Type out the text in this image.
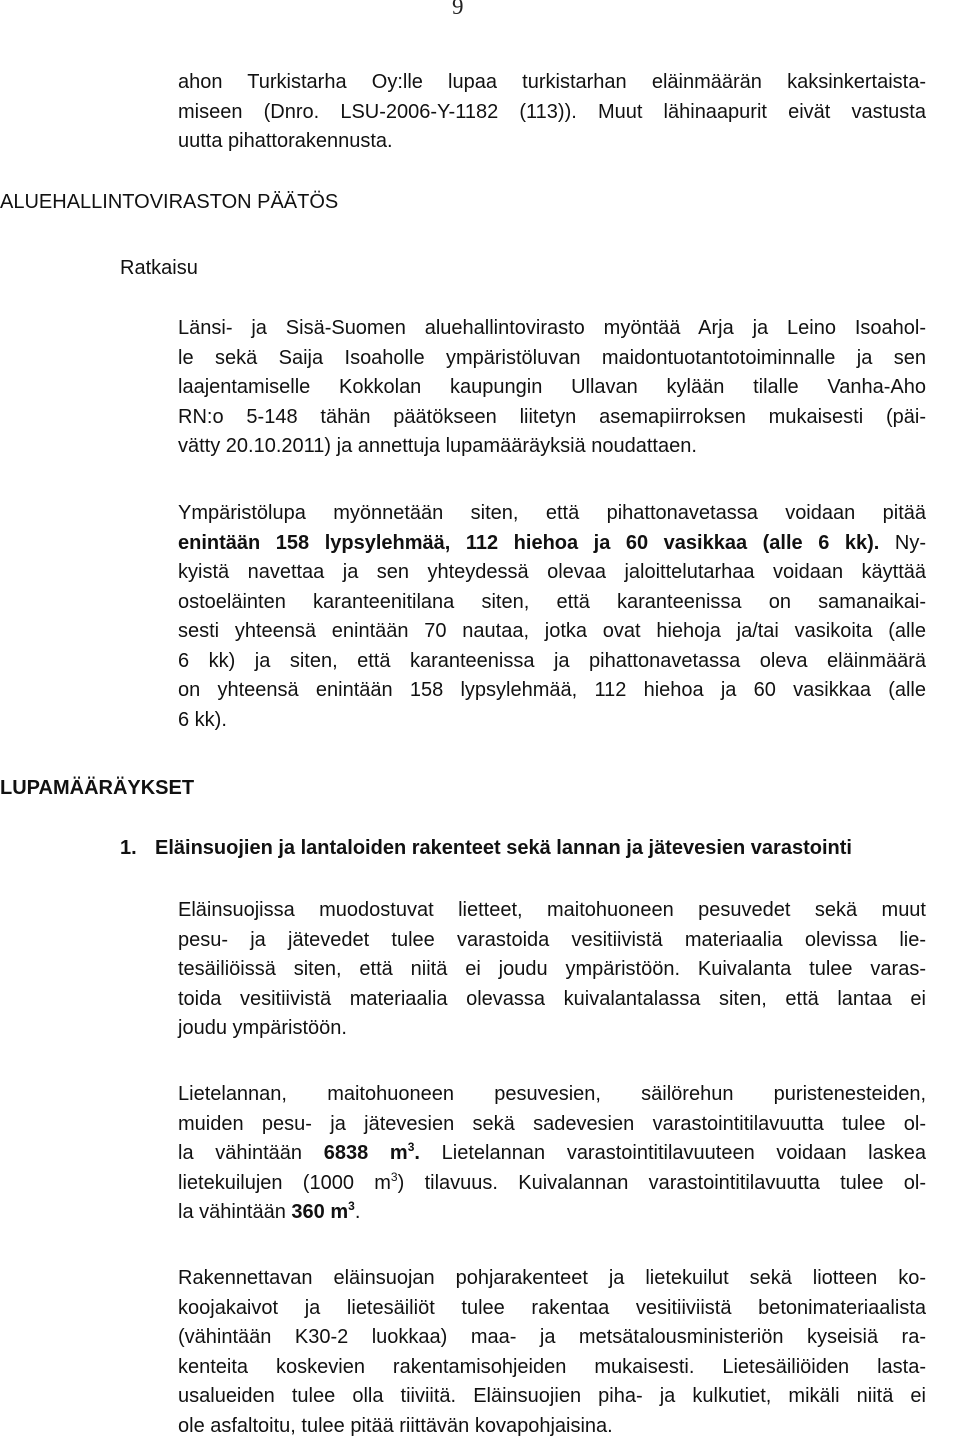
9
ahon Turkistarha Oy:lle lupaa turkistarhan eläinmäärän kaksinkertaista-
miseen (Dnro. LSU-2006-Y-1182 (113)). Muut lähinaapurit eivät vastusta
uutta pihattorakennusta.
ALUEHALLINTOVIRASTON PÄÄTÖS
Ratkaisu
Länsi- ja Sisä-Suomen aluehallintovirasto myöntää Arja ja Leino Isoahol-
le sekä Saija Isoaholle ympäristöluvan maidontuotantotoiminnalle ja sen
laajentamiselle Kokkolan kaupungin Ullavan kylään tilalle Vanha-Aho
RN:o 5-148 tähän päätökseen liitetyn asemapiirroksen mukaisesti (päi-
vätty 20.10.2011) ja annettuja lupamääräyksiä noudattaen.
Ympäristölupa myönnetään siten, että pihattonavetassa voidaan pitää
enintään 158 lypsylehmää, 112 hiehoa ja 60 vasikkaa (alle 6 kk). Ny-
kyistä navettaa ja sen yhteydessä olevaa jaloittelutarhaa voidaan käyttää
ostoeläinten karanteenitilana siten, että karanteenissa on samanaikai-
sesti yhteensä enintään 70 nautaa, jotka ovat hiehoja ja/tai vasikoita (alle
6 kk) ja siten, että karanteenissa ja pihattonavetassa oleva eläinmäärä
on yhteensä enintään 158 lypsylehmää, 112 hiehoa ja 60 vasikkaa (alle
6 kk).
LUPAMÄÄRÄYKSET
1. Eläinsuojien ja lantaloiden rakenteet sekä lannan ja jätevesien varastointi
Eläinsuojissa muodostuvat lietteet, maitohuoneen pesuvedet sekä muut
pesu- ja jätevedet tulee varastoida vesitiivistä materiaalia olevissa lie-
tesäiliöissä siten, että niitä ei joudu ympäristöön. Kuivalanta tulee varas-
toida vesitiivistä materiaalia olevassa kuivalantalassa siten, että lantaa ei
joudu ympäristöön.
Lietelannan, maitohuoneen pesuvesien, säilörehun puristenesteiden,
muiden pesu- ja jätevesien sekä sadevesien varastointitilavuutta tulee ol-
la vähintään 6838 $m^3$. Lietelannan varastointitilavuuteen voidaan laskea
lietekuilujen (1000 $m^3$) tilavuus. Kuivalannan varastointitilavuutta tulee ol-
la vähintään 360 $m^3$.
Rakennettavan eläinsuojan pohjarakenteet ja lietekuilut sekä liotteen ko-
koojakaivot ja lietesäiliöt tulee rakentaa vesitiiviistä betonimateriaalista
(vähintään K30-2 luokkaa) maa- ja metsätalousministeriön kyseisiä ra-
kenteita koskevien rakentamisohjeiden mukaisesti. Lietesäiliöiden lasta-
usalueiden tulee olla tiiviitä. Eläinsuojien piha- ja kulkutiet, mikäli niitä ei
ole asfaltoitu, tulee pitää riittävän kovapohjaisina.
